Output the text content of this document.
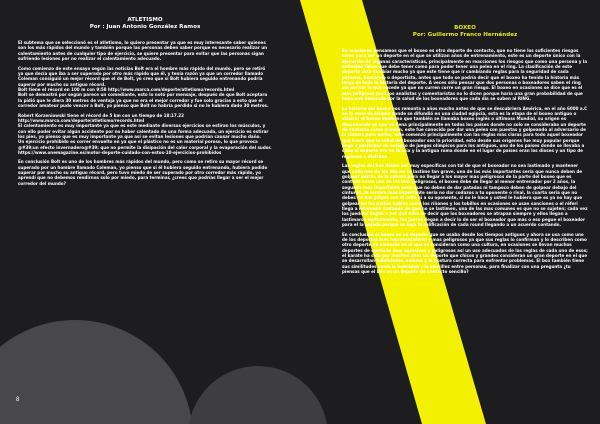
ATLETISMO
Por : Juan Antonio González Ramos

El subtema que se seleccionó es el atletismo, lo quiero presentar ya que es muy interesante saber quienes son los más rápidos del mundo y también porque las personas deben saber porque es necesario realizar un calentamiento antes de cualquier tipo de ejercicio, se quiere presentar para evitar que las personas sigan sufriendo lesiones por no realizar el calentamiento adecuado.

Como comienzo de este ensayo según las noticias Bolt era el hombre más rápido del mundo, pero se retiró ya que decía que iba a ser superado por otro más rápido que él, y tenía razón ya que un corredor llamado Coleman consiguió un mejor récord que el de Bolt, yo creo que si Bolt hubiera seguido entrenando podría superar por mucho su antiguo récord.
Bolt tiene el récord en 100 m con 9:58 http://www.marca.com/deporte/atletismo/records.html
Bolt se demostró por según parece un comediante, esto lo notó por mensaje, después de que Bolt aceptara la pidió que le diera 30 metros de ventaja ya que no era el mejor corredor y fue solo gracias a esto que el corredor amateur pudo vencer a Bolt, yo pienso que Bolt no habría perdido si no le hubiera dado 30 metros.

Robert Korzeniowski tiene el récord de 5 km con un tiempo de 18:17.22
http://www.marca.com/deporte/atletismo/records.html
El calentamiento es muy importante ya que es este mediante diversos ejercicios se estiran los músculos, y con ello poder evitar algún accidente por no haber calentado de una forma adecuada, un ejercicio es estirar los pies, yo pienso que es muy importante ya que así se evitan lesiones que podrían causar mucho daño.
Un ejercicio prohibido es correr envuelto en ya que el plástico no es un material poroso, lo que provoca @#39;un efecto invernadero@#39; que no permite la disipación del calor corporal y la evaporación del sudor.
https://www.onemagazine.es/motor-deporte-cuidado-con-estos-10-ejercicios-prohibidos

En conclusión Bolt es uno de los hombres más rápidos del mundo, pero como se retiro su mayor récord se superado por un hombre llamado Coleman, yo pienso que si él hubiera seguido entrenando, hubiera podido superar por mucho su antiguo récord, pero tuvo miedo de ser superado por otro corredor más rápido, yo aprendí que no debemos rendirnos solo por miedo, para terminar, ¿crees que podrías llegar a ser el mejor corredor del mundo?

BOXEO
Por: Guillermo Franco Hernández

En ocasiones pensamos que el boxeo es otro deporte de contacto, que no tiene los suficientes riesgos como para ser un deporte en el que se utilizan años de entrenamiento, este es un deporte único con la ejecución de algunas características, principalmente en reacciones los riesgos que como una persona y la actividad física que debe tener como para poder tener una pelea en el ring. La clasificación de este deporte está cambiar mucho ya que este tiene que ir cambiando reglas para la seguridad de cada persona, buscando o deportista, antes que todo se podría decir que el boxeo ha tenido la historia más larga de toda la historia del deporte. A veces sólo pensar que dos personas o boxeadores saben el ring sin pensar lo que sucede ya que no curren corre un gran riesgo. El boxeo en ocasiones se dice que es el más peligroso para los analistas y comentaristas no lo dicen porque haría una gran probabilidad de que haya una demanda por la salud de los boxeadores que cada día se suben al RING.

La historia del boxeo nos remonta a años mucho antes de que se descubriera América, en el año 6000 a.C en la zona de etiopía donde se difundió en una ciudad egipcia, esta es la etapa de el boxeo antiguo o clásico; el boxeo moderno que también se llamaba boxeo inglés o últimoss Mundial, su origen es desconocido ya que se llena principalmente en todos los países donde no solo se consideraba un deporte de contacto como ocasión, este fue conocido por dar una pelea con puestas y golpeando al adversario de la cintura para arriba, este comenzó principalmente con las reglas más claras para todo aquel boxeador que hacía que la salud del boxeador sea la prioridad, esto desde sus orígenes fue muy popular porque llego a participar en antiguo de juegos olímpicos para los antiguos, uno de los países donde se llevaba a cabo el deporte era en Grecia y la antigua roma donde en el lugar de países eran los dioses y un tipo de regiones o distritos.

Las reglas del box deben ser muy específicas con tal de que el boxeador no sea lastimado y mantener que cada uno de los dos no se lastime tan grave, una de las más importantes sería que nunca deben de golpear detrás de la cabeza para no llegar a los mayor mas peligrosos de la parte del boxeo que es contado como uno de los más peligrosos, el boxeo debe de llegar al menor entrenador por 2 años, la segunda mas importante sería que no deben de dar patadas ni tampoco deben de golpear debajo del cinturón, la tercera mas importante sería no dar codazos a tu oponente o rival, la cuarta seria que no debes de dar golpes con el codo ni a su oponente, si no le hace y usted le hubiera que es ya no hay que golpear en las partes nobles como los riñones y los tobillos en ocasiones se usan sanciones o el réferi llega a intervenir tratando de que no se lastimen, una de las mas comunes es que no se sujeten; cada vez los jueduos llegan a ver qué ellos se decir que los boxeadores se atrapan siempre y ellos llegan a lastimarse mutuamente, los jueces llegan a decir lo de ser el boxeador que mas o eso pegue el boxeador para el la bajada porque se baja la calificación de cada round llegando a un acuerdo contando.

En conclusión el boxeo es un deporte que se usaba desde los tiempos antiguos y ahora se usa como uno de los deportes mas representativos y mas peligrosos ya que sus reglas lo confirman y lo describen como otro deporte de contacto en el que se consideran como una cultura, en ocasiones se llevan muchos deportes de contacto muy agresivos y peligrosos así un uso adecuados de las reglas de cada uno de esos; el karate ha sido por muchos años un deporte que chicos y grandes consideran un gran deporte en el que se desarrollan habilidades, valores y la postura correcta para enfrentar problemas. El box también tiene sus similitudes como la humildad y la sencillez entre personas, para finalizar con una pregunta ¿tu piensas que el box es un deporte de contacto sencillo?

8
